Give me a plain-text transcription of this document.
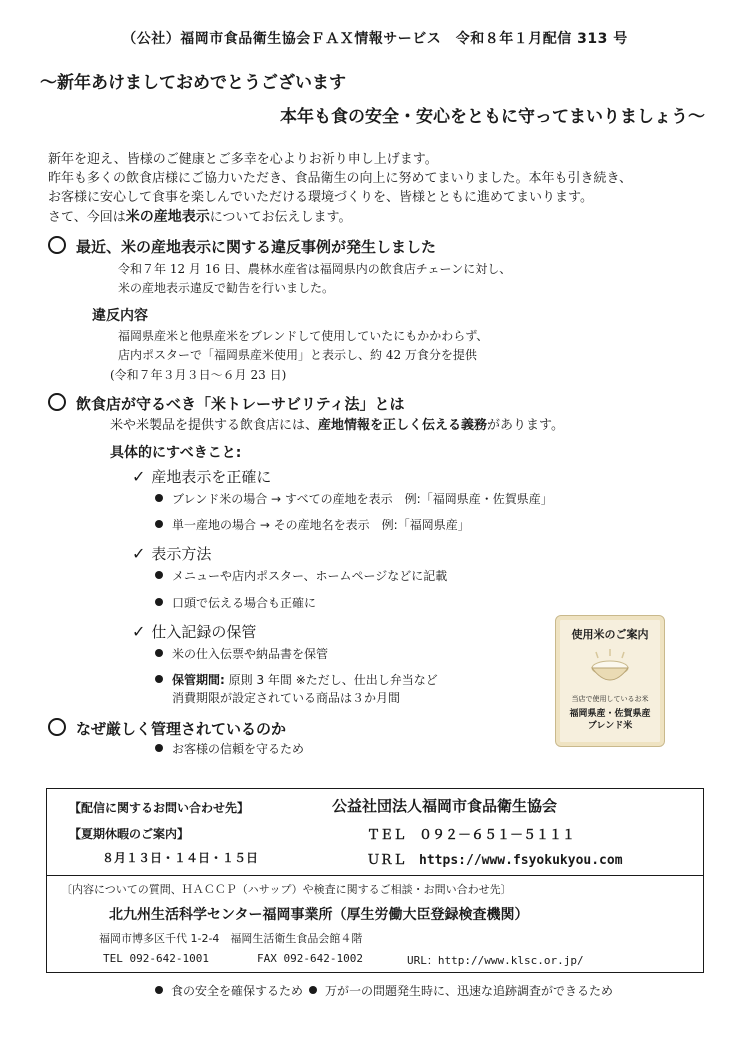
（公社）福岡市食品衛生協会ＦＡＸ情報サービス　令和８年１月配信 313 号
～新年あけましておめでとうございます
本年も食の安全・安心をともに守ってまいりましょう～
新年を迎え、皆様のご健康とご多幸を心よりお祈り申し上げます。
昨年も多くの飲食店様にご協力いただき、食品衛生の向上に努めてまいりました。本年も引き続き、
お客様に安心して食事を楽しんでいただける環境づくりを、皆様とともに進めてまいります。
さて、今回は米の産地表示についてお伝えします。
最近、米の産地表示に関する違反事例が発生しました
令和７年 12 月 16 日、農林水産省は福岡県内の飲食店チェーンに対し、
米の産地表示違反で勧告を行いました。
違反内容
福岡県産米と他県産米をブレンドして使用していたにもかかわらず、
店内ポスターで「福岡県産米使用」と表示し、約 42 万食分を提供
(令和７年３月３日～６月 23 日)
飲食店が守るべき「米トレーサビリティ法」とは
米や米製品を提供する飲食店には、産地情報を正しく伝える義務があります。
具体的にすべきこと:
✓ 産地表示を正確に
ブレンド米の場合 → すべての産地を表示　例:「福岡県産・佐賀県産」
単一産地の場合 → その産地名を表示　例:「福岡県産」
✓ 表示方法
メニューや店内ポスター、ホームページなどに記載
口頭で伝える場合も正確に
✓ 仕入記録の保管
米の仕入伝票や納品書を保管
保管期間: 原則 3 年間 ※ただし、仕出し弁当など
消費期限が設定されている商品は３か月間
使用米のご案内
当店で使用しているお米
福岡県産・佐賀県産
ブレンド米
なぜ厳しく管理されているのか
お客様の信頼を守るため
【配信に関するお問い合わせ先】	公益社団法人福岡市食品衛生協会
【夏期休暇のご案内】	ＴＥＬ　０９２－６５１－５１１１
８月１３日・１４日・１５日	ＵＲＬ　 https://www.fsyokukyou.com
〔内容についての質問、ＨＡＣＣＰ（ハサップ）や検査に関するご相談・お問い合わせ先〕
北九州生活科学センター福岡事業所（厚生労働大臣登録検査機関）
福岡市博多区千代 1-2-4　福岡生活衛生食品会館４階
TEL 092-642-1001	FAX 092-642-1002	URL：http://www.klsc.or.jp/
食の安全を確保するため 万が一の問題発生時に、迅速な追跡調査ができるため
